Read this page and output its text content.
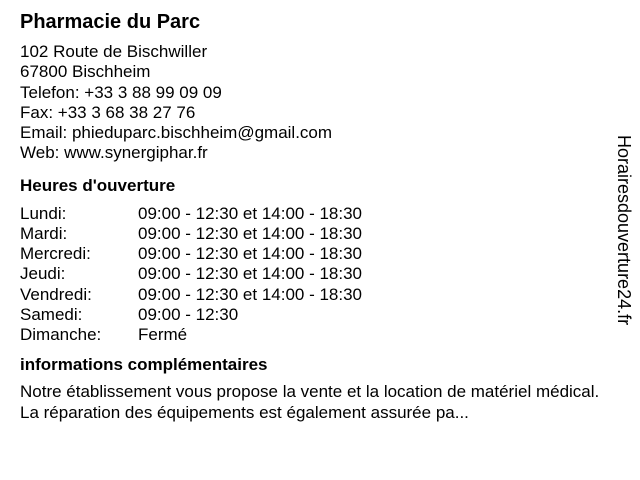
Pharmacie du Parc
102 Route de Bischwiller
67800 Bischheim
Telefon: +33 3 88 99 09 09
Fax: +33 3 68 38 27 76
Email: phieduparc.bischheim@gmail.com
Web: www.synergiphar.fr
Heures d'ouverture
Lundi:	09:00 - 12:30 et 14:00 - 18:30
Mardi:	09:00 - 12:30 et 14:00 - 18:30
Mercredi:	09:00 - 12:30 et 14:00 - 18:30
Jeudi:	09:00 - 12:30 et 14:00 - 18:30
Vendredi:	09:00 - 12:30 et 14:00 - 18:30
Samedi:	09:00 - 12:30
Dimanche:	Fermé
informations complémentaires
Notre établissement vous propose la vente et la location de matériel médical. La réparation des équipements est également assurée pa...
Horairesdouverture24.fr
